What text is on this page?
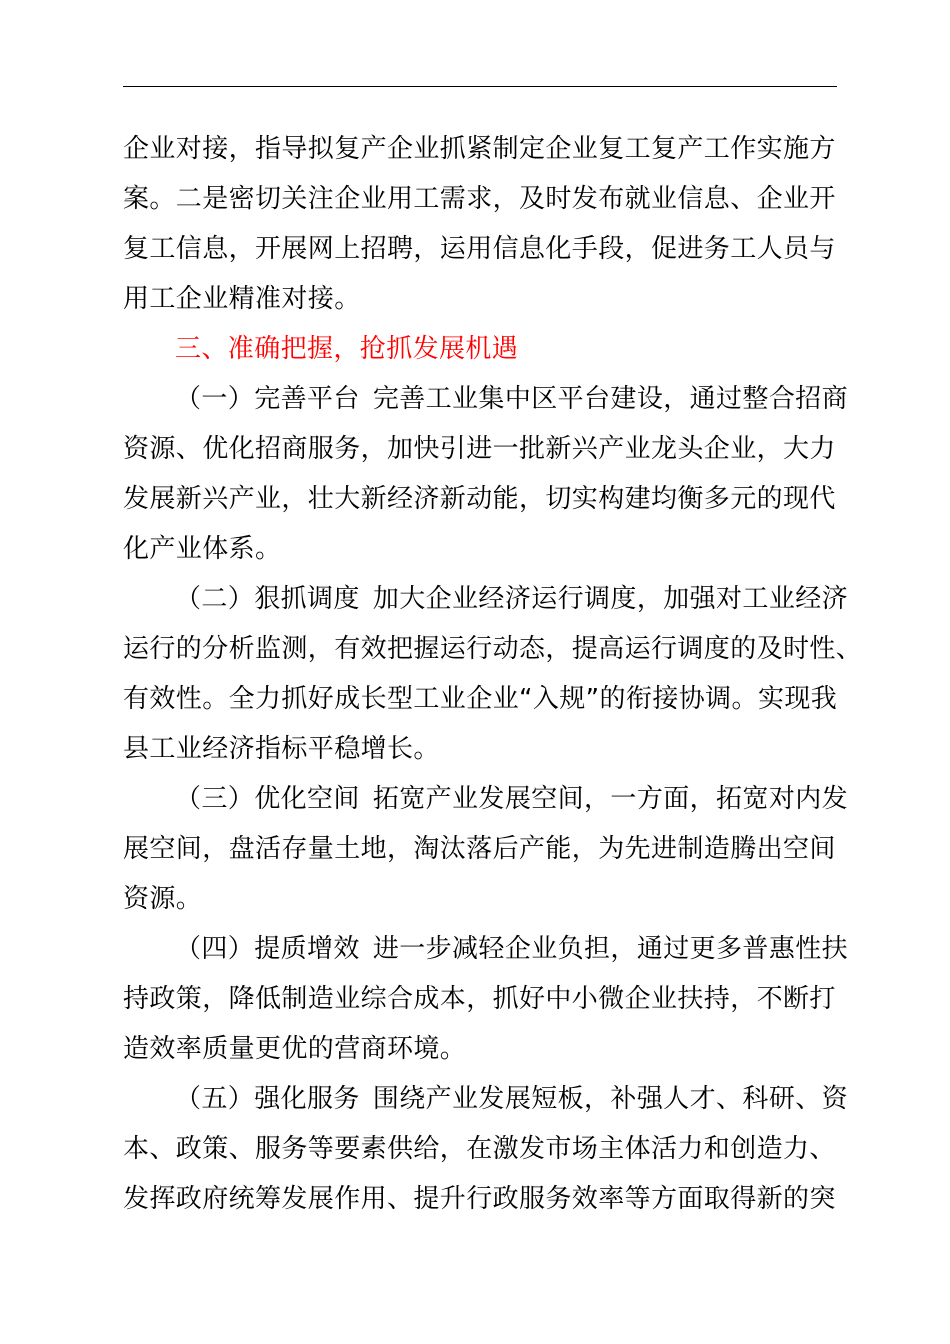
企业对接，指导拟复产企业抓紧制定企业复工复产工作实施方
案。二是密切关注企业用工需求，及时发布就业信息、企业开
复工信息，开展网上招聘，运用信息化手段，促进务工人员与
用工企业精准对接。
三、准确把握，抢抓发展机遇
（一）完善平台 完善工业集中区平台建设，通过整合招商
资源、优化招商服务，加快引进一批新兴产业龙头企业，大力
发展新兴产业，壮大新经济新动能，切实构建均衡多元的现代
化产业体系。
（二）狠抓调度 加大企业经济运行调度，加强对工业经济
运行的分析监测，有效把握运行动态，提高运行调度的及时性、
有效性。全力抓好成长型工业企业“入规”的衔接协调。实现我
县工业经济指标平稳增长。
（三）优化空间 拓宽产业发展空间，一方面，拓宽对内发
展空间，盘活存量土地，淘汰落后产能，为先进制造腾出空间
资源。
（四）提质增效 进一步减轻企业负担，通过更多普惠性扶
持政策，降低制造业综合成本，抓好中小微企业扶持，不断打
造效率质量更优的营商环境。
（五）强化服务 围绕产业发展短板，补强人才、科研、资
本、政策、服务等要素供给，在激发市场主体活力和创造力、
发挥政府统筹发展作用、提升行政服务效率等方面取得新的突
